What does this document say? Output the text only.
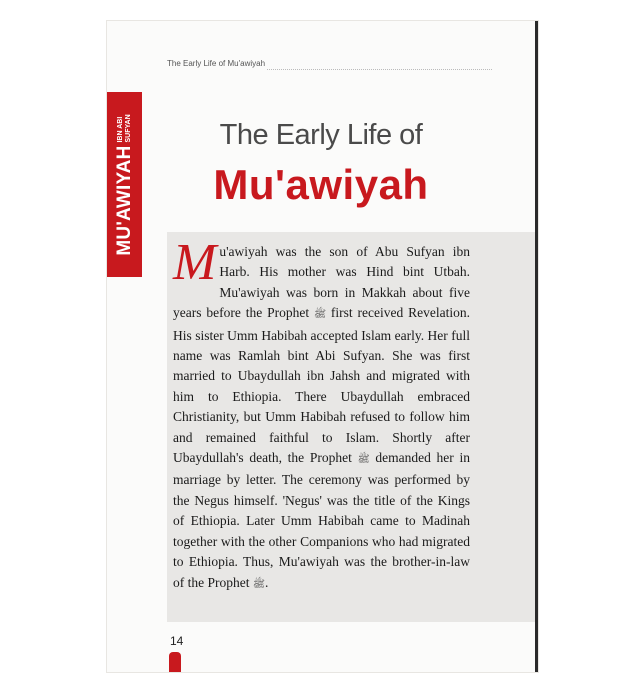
The Early Life of Mu'awiyah
MU'AWIYAH
IBN ABI SUFYAN	The Early Life of
Mu'awiyah
Mu'awiyah was the son of Abu Sufyan ibn Harb. His mother was Hind bint Utbah. Mu'awiyah was born in Makkah about five years before the Prophet ﷺ first received Revelation. His sister Umm Habibah accepted Islam early. Her full name was Ramlah bint Abi Sufyan. She was first married to Ubaydullah ibn Jahsh and migrated with him to Ethiopia. There Ubaydullah embraced Christianity, but Umm Habibah refused to follow him and remained faithful to Islam. Shortly after Ubaydullah's death, the Prophet ﷺ demanded her in marriage by letter. The ceremony was performed by the Negus himself. 'Negus' was the title of the Kings of Ethiopia. Later Umm Habibah came to Madinah together with the other Companions who had migrated to Ethiopia. Thus, Mu'awiyah was the brother-in-law of the Prophet ﷺ.
14
